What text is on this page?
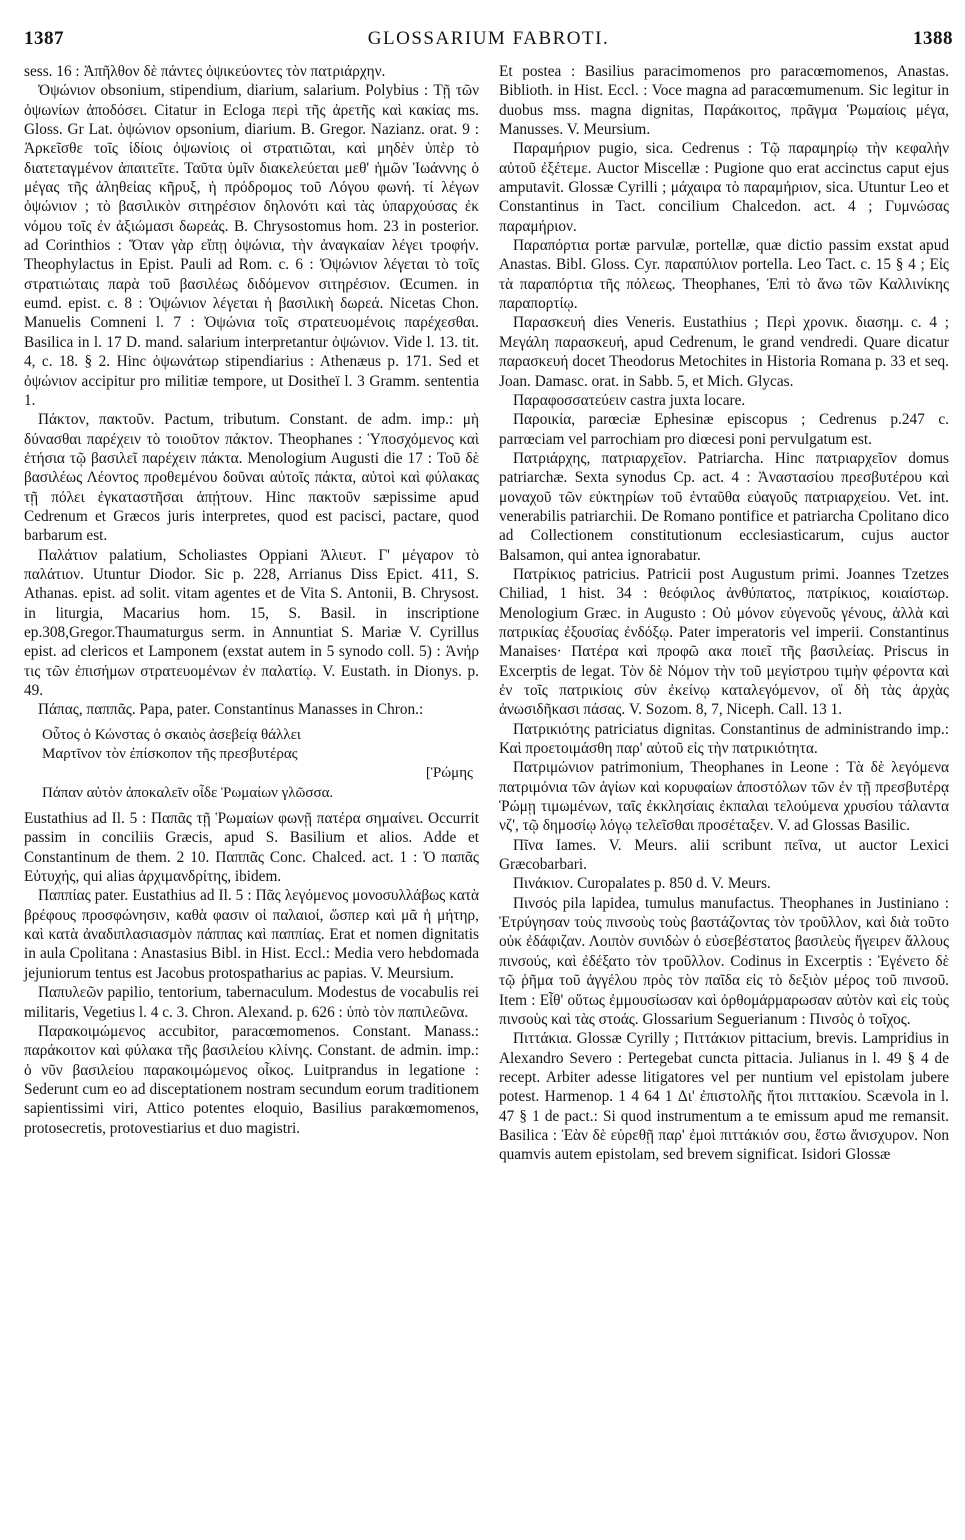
1387	GLOSSARIUM FABROTI.	1388

sess. 16 : Ἀπῆλθον δὲ πάντες ὀψικεύοντες τὸν πατριάρχην.

Ὀψώνιον obsonium, stipendium, diarium, salarium. Polybius : Τῇ τῶν ὀψωνίων ἀποδόσει. Citatur in Ecloga περὶ τῆς ἀρετῆς καὶ κακίας ms. Gloss. Gr Lat. ὀψώνιον opsonium, diarium. B. Gregor. Nazianz. orat. 9 : Ἀρκεῖσθε τοῖς ἰδίοις ὀψωνίοις οἱ στρατιῶται, καὶ μηδὲν ὑπὲρ τὸ διατεταγμένον ἀπαιτεῖτε. Ταῦτα ὑμῖν διακελεύεται μεθ' ἡμῶν Ἰωάννης ὁ μέγας τῆς ἀληθείας κῆρυξ, ἡ πρόδρομος τοῦ Λόγου φωνή. τί λέγων ὀψώνιον ; τὸ βασιλικὸν σιτηρέσιον δηλονότι καὶ τὰς ὑπαρχούσας ἐκ νόμου τοῖς ἐν ἀξιώμασι δωρεάς. B. Chrysostomus hom. 23 in posterior. ad Corinthios : Ὅταν γὰρ εἴπῃ ὀψώνια, τὴν ἀναγκαίαν λέγει τροφήν. Theophylactus in Epist. Pauli ad Rom. c. 6 : Ὀψώνιον λέγεται τὸ τοῖς στρατιώταις παρὰ τοῦ βασιλέως διδόμενον σιτηρέσιον. Œcumen. in eumd. epist. c. 8 : Ὀψώνιον λέγεται ἡ βασιλικὴ δωρεά. Nicetas Chon. Manuelis Comneni l. 7 : Ὀψώνια τοῖς στρατευομένοις παρέχεσθαι. Basilica in l. 17 D. mand. salarium interpretantur ὀψώνιον. Vide l. 13. tit. 4, c. 18. § 2. Hinc ὀψωνάτωρ stipendiarius : Athenæus p. 171. Sed et ὀψώνιον accipitur pro militiæ tempore, ut Dositheï l. 3 Gramm. sententia 1.

Πάκτον, πακτοῦν. Pactum, tributum. Constant. de adm. imp.: μὴ δύνασθαι παρέχειν τὸ τοιοῦτον πάκτον. Theophanes : Ὑποσχόμενος καὶ ἐτήσια τῷ βασιλεῖ παρέχειν πάκτα. Menologium Augusti die 17 : Τοῦ δὲ βασιλέως Λέοντος προθεμένου δοῦναι αὐτοῖς πάκτα, αὐτοὶ καὶ φύλακας τῇ πόλει ἐγκαταστῆσαι ἀπῄτουν. Hinc πακτοῦν sæpissime apud Cedrenum et Græcos juris interpretes, quod est pacisci, pactare, quod barbarum est.

Παλάτιον palatium, Scholiastes Oppiani Ἀλιευτ. Γ' μέγαρον τὸ παλάτιον. Utuntur Diodor. Sic p. 228, Arrianus Diss Epict. 411, S. Athanas. epist. ad solit. vitam agentes et de Vita S. Antonii, B. Chrysost. in liturgia, Macarius hom. 15, S. Basil. in inscriptione ep.308,Gregor.Thaumaturgus serm. in Annuntiat S. Mariæ V. Cyrillus epist. ad clericos et Lamponem (exstat autem in 5 synodo coll. 5) : Ἀνήρ τις τῶν ἐπισήμων στρατευομένων ἐν παλατίῳ. V. Eustath. in Dionys. p. 49.

Πάπας, παππᾶς. Papa, pater. Constantinus Manasses in Chron.:

Οὗτος ὁ Κώνστας ὁ σκαιὸς ἀσεβείᾳ θάλλει
Μαρτῖνον τὸν ἐπίσκοπον τῆς πρεσβυτέρας
[Ῥώμης
Πάπαν αὐτὸν ἀποκαλεῖν οἶδε Ῥωμαίων γλῶσσα.

Eustathius ad Il. 5 : Παπᾶς τῇ Ῥωμαίων φωνῇ πατέρα σημαίνει. Occurrit passim in conciliis Græcis, apud S. Basilium et alios. Adde et Constantinum de them. 2 10. Παππᾶς Conc. Chalced. act. 1 : Ὁ παπᾶς Εὐτυχής, qui alias ἀρχιμανδρίτης, ibidem.

Παππίας pater. Eustathius ad Il. 5 : Πᾶς λεγόμενος μονοσυλλάβως κατὰ βρέφους προσφώνησιν, καθὰ φασιν οἱ παλαιοί, ὥσπερ καὶ μᾶ ἡ μήτηρ, καὶ κατὰ ἀναδιπλασιασμὸν πάππας καὶ παππίας. Erat et nomen dignitatis in aula Cpolitana : Anastasius Bibl. in Hist. Eccl.: Media vero hebdomada jejuniorum tentus est Jacobus protospatharius ac papias. V. Meursium.

Παπυλεῶν papilio, tentorium, tabernaculum. Modestus de vocabulis rei militaris, Vegetius l. 4 c. 3. Chron. Alexand. p. 626 : ὑπὸ τὸν παπιλεῶνα.

Παρακοιμώμενος accubitor, paracœmomenos. Constant. Manass.: παράκοιτον καὶ φύλακα τῆς βασιλείου κλίνης. Constant. de admin. imp.: ὁ νῦν βασιλείου παρακοιμώμενος οἶκος. Luitprandus in legatione : Sederunt cum eo ad disceptationem nostram secundum eorum traditionem sapientissimi viri, Attico potentes eloquio, Basilius parakœmomenos, protosecretis, protovestiarius et duo magistri.

Et postea : Basilius paracimomenos pro paracœmomenos, Anastas. Biblioth. in Hist. Eccl. : Voce magna ad paracœmumenum. Sic legitur in duobus mss. magna dignitas, Παράκοιτος, πρᾶγμα Ῥωμαίοις μέγα, Manusses. V. Meursium.

Παραμήριον pugio, sica. Cedrenus : Τῷ παραμηρίῳ τὴν κεφαλὴν αὐτοῦ ἐξέτεμε. Auctor Miscellæ : Pugione quo erat accinctus caput ejus amputavit. Glossæ Cyrilli ; μάχαιρα τὸ παραμήριον, sica. Utuntur Leo et Constantinus in Tact. concilium Chalcedon. act. 4 ; Γυμνώσας παραμήριον.

Παραπόρτια portæ parvulæ, portellæ, quæ dictio passim exstat apud Anastas. Bibl. Gloss. Cyr. παραπύλιον portella. Leo Tact. c. 15 § 4 ; Εἰς τὰ παραπόρτια τῆς πόλεως. Theophanes, Ἐπὶ τὸ ἄνω τῶν Καλλινίκης παραπορτίῳ.

Παρασκευή dies Veneris. Eustathius ; Περὶ χρονικ. διασημ. c. 4 ; Μεγάλη παρασκευή, apud Cedrenum, le grand vendredi. Quare dicatur παρασκευή docet Theodorus Metochites in Historia Romana p. 33 et seq. Joan. Damasc. orat. in Sabb. 5, et Mich. Glycas.

Παραφοσσατεύειν castra juxta locare.

Παροικία, parœciæ Ephesinæ episcopus ; Cedrenus p.247 c. parrœciam vel parrochiam pro diœcesi poni pervulgatum est.

Πατριάρχης, πατριαρχεῖον. Patriarcha. Hinc πατριαρχεῖον domus patriarchæ. Sexta synodus Cp. act. 4 : Ἀναστασίου πρεσβυτέρου καὶ μοναχοῦ τῶν εὐκτηρίων τοῦ ἐνταῦθα εὐαγοῦς πατριαρχείου. Vet. int. venerabilis patriarchii. De Romano pontifice et patriarcha Cpolitano dico ad Collectionem constitutionum ecclesiasticarum, cujus auctor Balsamon, qui antea ignorabatur.

Πατρίκιος patricius. Patricii post Augustum primi. Joannes Tzetzes Chiliad, 1 hist. 34 : θεόφιλος ἀνθύπατος, πατρίκιος, κοιαίστωρ. Menologium Græc. in Augusto : Οὐ μόνον εὐγενοῦς γένους, ἀλλὰ καὶ πατρικίας ἐξουσίας ἐνδόξῳ. Pater imperatoris vel imperii. Constantinus Manaises· Πατέρα καὶ προφῶ ακα ποιεῖ τῆς βασιλείας. Priscus in Excerptis de legat. Τὸν δὲ Νόμον τὴν τοῦ μεγίστρου τιμὴν φέροντα καὶ ἐν τοῖς πατρικίοις σὺν ἐκείνῳ καταλεγόμενον, οἵ δὴ τὰς ἀρχὰς ἀνωσιδῆκασι πάσας. V. Sozom. 8, 7, Niceph. Call. 13 1.

Πατρικιότης patriciatus dignitas. Constantinus de administrando imp.: Καὶ προετοιμάσθη παρ' αὐτοῦ εἰς τὴν πατρικιότητα.

Πατριμώνιον patrimonium, Theophanes in Leone : Τὰ δὲ λεγόμενα πατριμόνια τῶν ἁγίων καὶ κορυφαίων ἀποστόλων τῶν ἐν τῇ πρεσβυτέρᾳ Ῥώμῃ τιμωμένων, ταῖς ἐκκλησίαις ἐκπαλαι τελούμενα χρυσίου τάλαντα νζ', τῷ δημοσίῳ λόγῳ τελεῖσθαι προσέταξεν. V. ad Glossas Basilic.

Πῖνα Iames. V. Meurs. alii scribunt πεῖνα, ut auctor Lexici Græcobarbari.

Πινάκιον. Curopalates p. 850 d. V. Meurs.

Πινσός pila lapidea, tumulus manufactus. Theophanes in Justiniano : Ἐτρύγησαν τοὺς πινσοὺς τοὺς βαστάζοντας τὸν τροῦλλον, καὶ διὰ τοῦτο οὐκ ἐδάφιζαν. Λοιπὸν συνιδὼν ὁ εὐσεβέστατος βασιλεὺς ἤγειρεν ἄλλους πινσούς, καὶ ἐδέξατο τὸν τροῦλλον. Codinus in Excerptis : Ἐγένετο δὲ τῷ ῥῆμα τοῦ ἀγγέλου πρὸς τὸν παῖδα εἰς τὸ δεξιὸν μέρος τοῦ πινσοῦ. Item : Εἶθ' οὕτως ἐμμουσίωσαν καὶ ὀρθομάρμαρωσαν αὐτὸν καὶ εἰς τοὺς πινσοὺς καὶ τὰς στοάς. Glossarium Seguerianum : Πινσὸς ὁ τοῖχος.

Πιττάκια. Glossæ Cyrilly ; Πιττάκιον pittacium, brevis. Lampridius in Alexandro Severo : Pertegebat cuncta pittacia. Julianus in l. 49 § 4 de recept. Arbiter adesse litigatores vel per nuntium vel epistolam jubere potest. Harmenop. 1 4 64 1 Δι' ἐπιστολῆς ἤτοι πιττακίου. Scævola in l. 47 § 1 de pact.: Si quod instrumentum a te emissum apud me remansit. Basilica : Ἐὰν δὲ εὑρεθῇ παρ' ἐμοὶ πιττάκιόν σου, ἔστω ἄνισχυρον. Non quamvis autem epistolam, sed brevem significat. Isidori Glossæ
